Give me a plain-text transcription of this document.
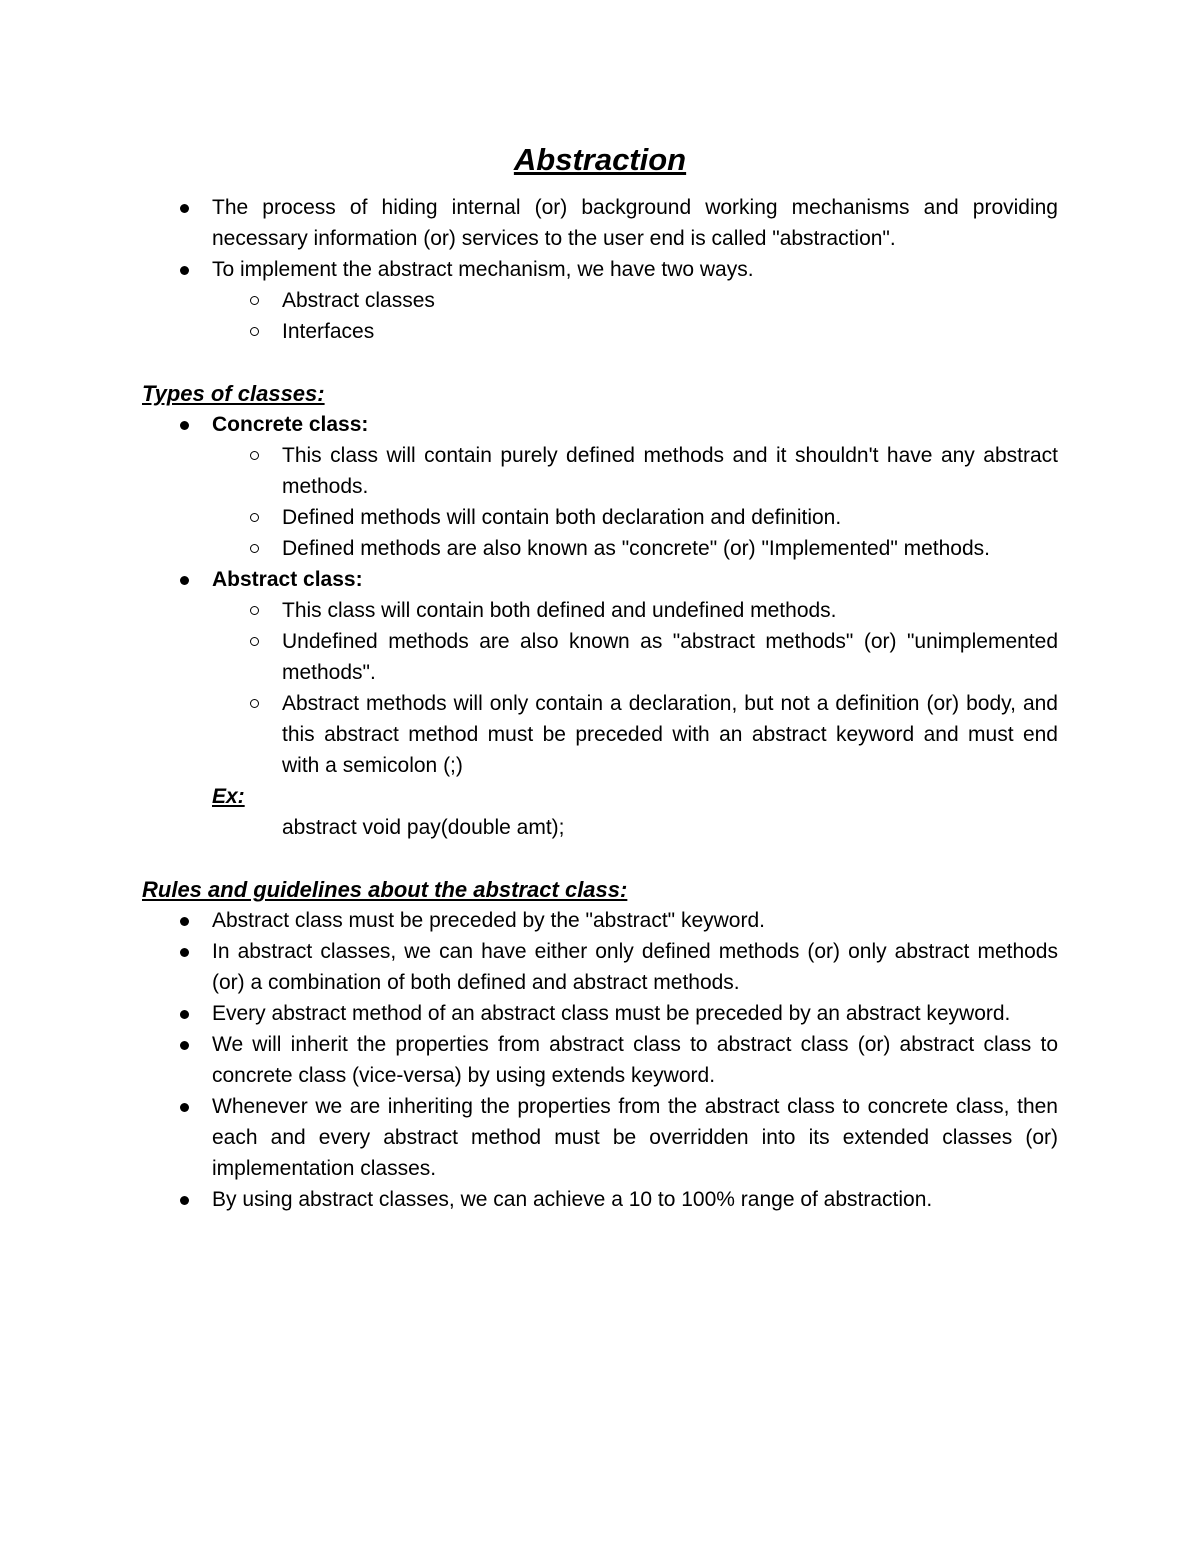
Abstraction
The process of hiding internal (or) background working mechanisms and providing necessary information (or) services to the user end is called "abstraction".
To implement the abstract mechanism, we have two ways.
Abstract classes
Interfaces
Types of classes:
Concrete class:
This class will contain purely defined methods and it shouldn't have any abstract methods.
Defined methods will contain both declaration and definition.
Defined methods are also known as "concrete" (or) "Implemented" methods.
Abstract class:
This class will contain both defined and undefined methods.
Undefined methods are also known as "abstract methods" (or) "unimplemented methods".
Abstract methods will only contain a declaration, but not a definition (or) body, and this abstract method must be preceded with an abstract keyword and must end with a semicolon (;)
Ex:
abstract void pay(double amt);
Rules and guidelines about the abstract class:
Abstract class must be preceded by the "abstract" keyword.
In abstract classes, we can have either only defined methods (or) only abstract methods (or) a combination of both defined and abstract methods.
Every abstract method of an abstract class must be preceded by an abstract keyword.
We will inherit the properties from abstract class to abstract class (or) abstract class to concrete class (vice-versa) by using extends keyword.
Whenever we are inheriting the properties from the abstract class to concrete class, then each and every abstract method must be overridden into its extended classes (or) implementation classes.
By using abstract classes, we can achieve a 10 to 100% range of abstraction.
